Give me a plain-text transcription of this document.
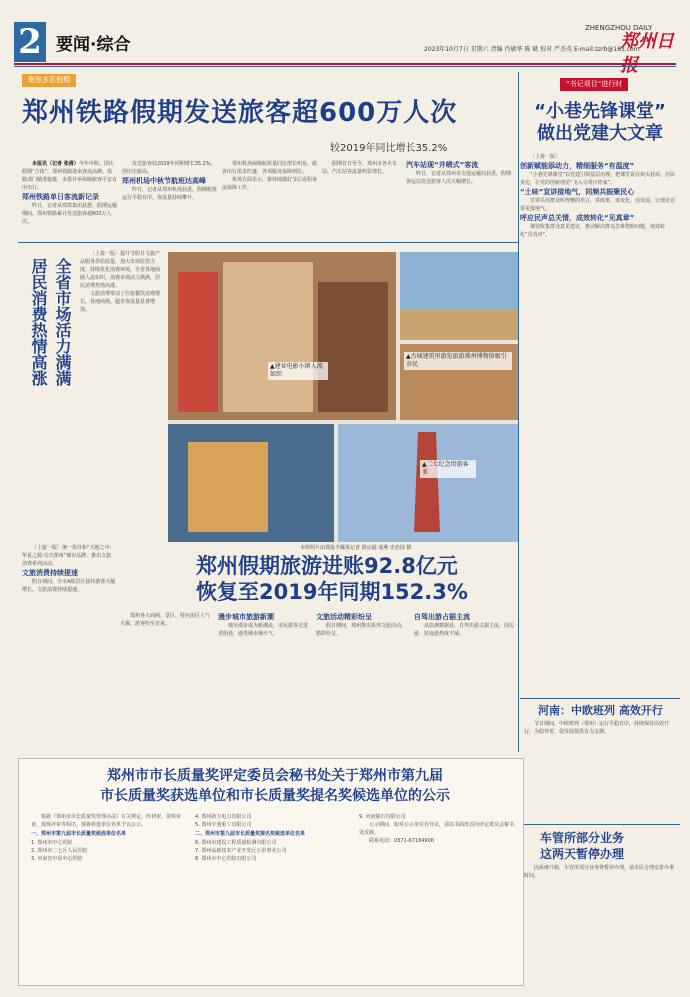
2 要闻·综合
ZHENGZHOU DAILY
郑州日
2023年10月7日 星期六 责编 肖敏华 陈 斌 校对 严杰英 E-mail:zzrb@163.com
聚焦多彩假期
郑州铁路假期发送旅客超600万人次
较2019年同比增长35.2%

本报讯（记者 张倩）今年中秋、国庆假期“合体”，郑州铁路迎来客流高峰，铁路部门精准施策，多措并举保障旅客平安有序出行。

郑州铁路单日客流新记录

昨日，记者从郑铁集团获悉，假期运输期间，郑州铁路累计发送旅客超600万人次。

发送旅客较2019年同期增长35.2%，创历史新高。

郑州机场中秋节航班达高峰

昨日，记者从郑州机场获悉，假期航班运行平稳有序，客流量持续攀升。

郑州机场保障航班量同比增长明显，旅客出行需求旺盛，各项服务保障到位。

机场方面表示，将持续做好节后返程客流保障工作。

假期首日至今，郑州市各火车站、汽车站客流量明显增长。

汽车站现“井喷式”客流

昨日，记者从郑州市交通运输局获悉，假期客运站发送旅客人次大幅增长。

全省市场活力满满
居民消费热情高涨

〔上接一版〕提升节假日文旅产品服务供给质量，加大市场监管力度，持续优化消费环境，全省各地商圈人流如织，消费市场活力满满，居民消费热情高涨。

文旅消费带动了住宿餐饮消费增长，各地商场、超市客流量显著增加。

▲古城建筑里游览旅游郑州博物馆吸引市民
▲建业电影小镇人流如织
▲二七纪念塔游客多
本组照片由郑报全媒体记者 徐宗福 成燕 史治国 摄
郑州假期旅游进账92.8亿元
恢复至2019年同期152.3%

〔上接一版〕统一指导和“天地之中·华夏之源·功夫郑州”城市品牌，推出文旅消费系列活动。

文旅消费持续提速

假日期间，全市A级景区接待游客大幅增长，文旅消费持续提速。

郑州各大商圈、景区、特色街区人气火爆，游客纷至沓来。

漫步城市旅游新潮

城市漫步成为新潮流，市民游客走进老街巷，感受城市烟火气。

文旅活动精彩纷呈

假日期间，郑州推出系列文旅活动，精彩纷呈。

自驾出游占据主流

从监测数据看，自驾出游占据主流，周边游、短途游热度不减。

“书记项目”进行时
“小巷先锋课堂”
做出党建大文章

〔上接一版〕

创新赋能添动力，精细服务“有温度”

“小巷先锋课堂”以党建引领基层治理，把课堂设在街头巷尾、居民身边，让党的创新理论“飞入寻常百姓家”。

“土味”宣讲接地气，同频共振聚民心

宣讲员用群众听得懂的语言，讲政策、谈变化、话发展，让理论宣讲更接地气。

呼应民声总关情，成效转化“见真章”

课堂收集群众意见建议，推动解决群众急难愁盼问题，成效转化“见真章”。

河南：中欧班列 高效开行

节日期间，中欧班列（郑州）运行平稳有序，持续保持高效开行，为稳外贸、促发展提供有力支撑。

车管所部分业务
这两天暂停办理

因系统升级，车管所部分业务将暂停办理，请市民合理安排办事时间。

郑州市市长质量奖评定委员会秘书处关于郑州市第九届
市长质量奖获选单位和市长质量奖提名奖候选单位的公示

根据《郑州市市长质量奖管理办法》有关规定，经初审、资料审查、现场评审等程序，现将候选单位名单予以公示。

一、郑州市第九届市长质量奖候选单位名单
1. 郑州市中心医院
2. 郑州市二七区人民医院
3. 河南省中原中心医院
4. 郑州新力电力有限公司
5. 郑州宇通重工有限公司
二、郑州市第九届市长质量奖提名奖候选单位名单
6. 郑州市建设工程质量检测有限公司
7. 郑州高新技术产业开发区公用事业公司
8. 郑州市中心医院有限公司
9. 河南烯石有限公司

公示期间，如对公示单位有异议，请以书面形式向评定委员会秘书处反映。

联系电话：0371-67184906
